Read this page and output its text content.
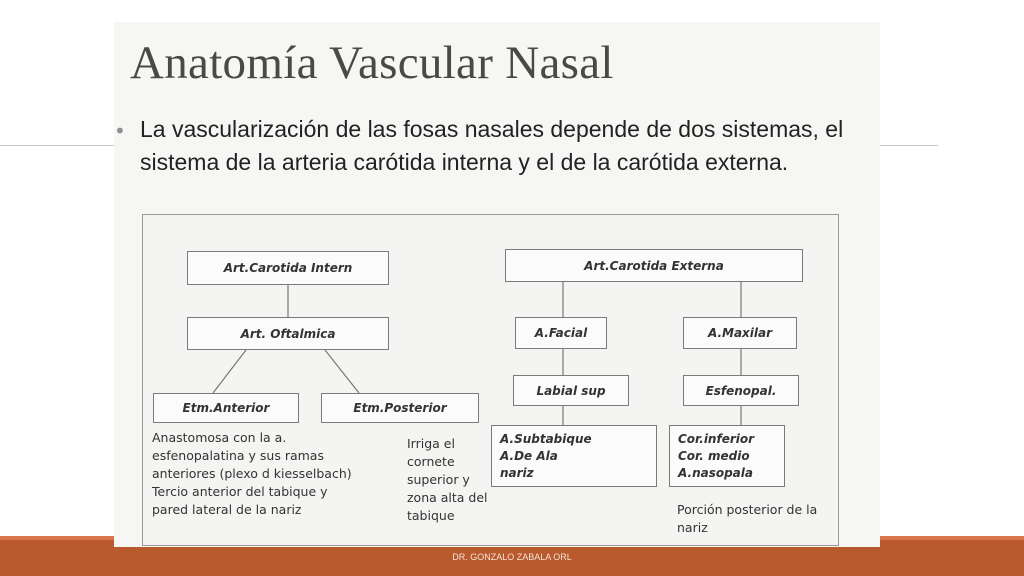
Anatomía Vascular Nasal
• La vascularización de las fosas nasales depende de dos sistemas, el sistema de la arteria carótida interna y el de la carótida externa.
Art.Carotida Intern
Art. Oftalmica
Etm.Anterior	Etm.Posterior
Art.Carotida Externa
A.Facial	A.Maxilar
Labial sup	Esfenopal.
A.Subtabique
A.De Ala
nariz
Cor.inferior
Cor. medio
A.nasopala
Anastomosa con la a.
esfenopalatina y sus ramas
anteriores (plexo d kiesselbach)
Tercio anterior del tabique y
pared lateral de la nariz
Irriga el
cornete
superior y
zona alta del
tabique	Porción posterior de la
nariz
DR. GONZALO ZABALA ORL
